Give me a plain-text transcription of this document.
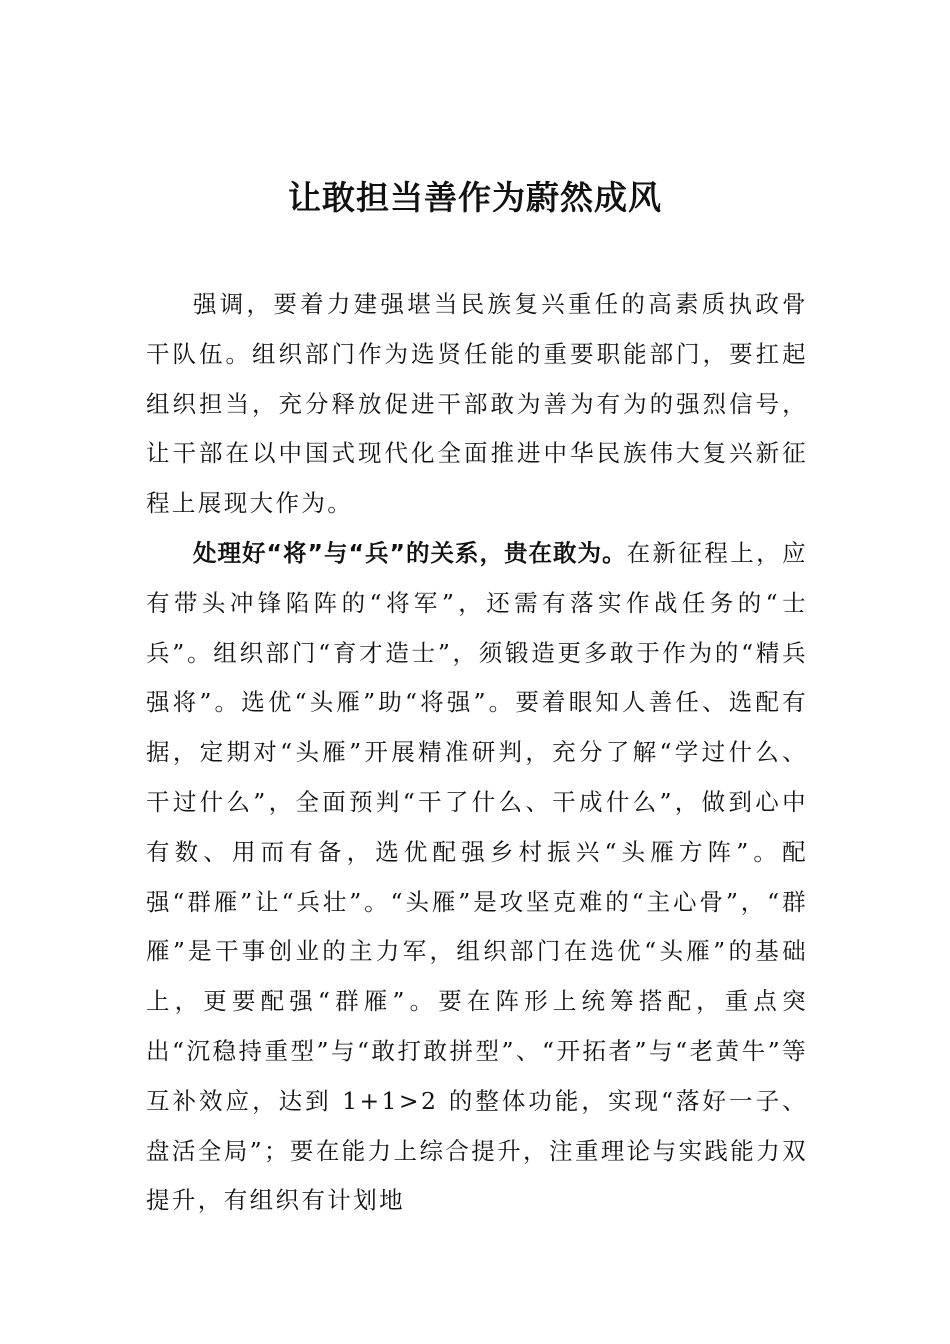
让敢担当善作为蔚然成风

强调，要着力建强堪当民族复兴重任的高素质执政骨干队伍。组织部门作为选贤任能的重要职能部门，要扛起组织担当，充分释放促进干部敢为善为有为的强烈信号，让干部在以中国式现代化全面推进中华民族伟大复兴新征程上展现大作为。

处理好“将”与“兵”的关系，贵在敢为。在新征程上，应有带头冲锋陷阵的“将军”，还需有落实作战任务的“士兵”。组织部门“育才造士”，须锻造更多敢于作为的“精兵强将”。选优“头雁”助“将强”。要着眼知人善任、选配有据，定期对“头雁”开展精准研判，充分了解“学过什么、干过什么”，全面预判“干了什么、干成什么”，做到心中有数、用而有备，选优配强乡村振兴“头雁方阵”。配强“群雁”让“兵壮”。“头雁”是攻坚克难的“主心骨”，“群雁”是干事创业的主力军，组织部门在选优“头雁”的基础上，更要配强“群雁”。要在阵形上统筹搭配，重点突出“沉稳持重型”与“敢打敢拼型”、“开拓者”与“老黄牛”等互补效应，达到 1+1>2 的整体功能，实现“落好一子、盘活全局”；要在能力上综合提升，注重理论与实践能力双提升，有组织有计划地
